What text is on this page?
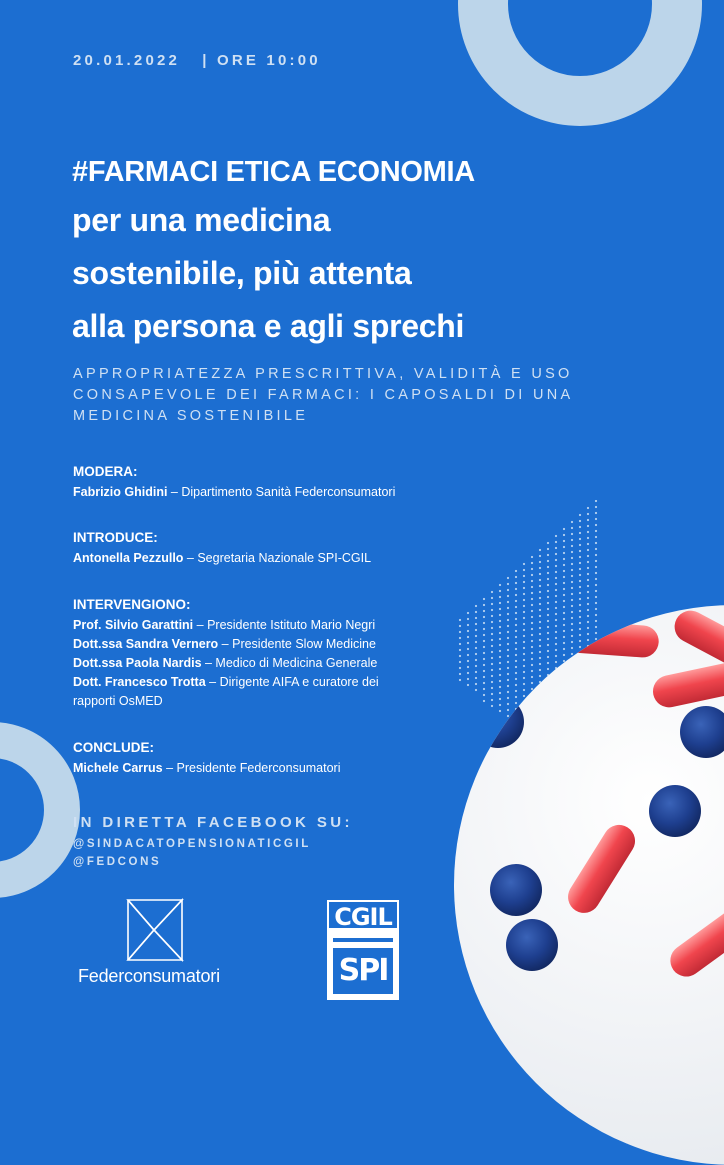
20.01.2022 | ORE 10:00
#FARMACI ETICA ECONOMIA
per una medicina
sostenibile, più attenta
alla persona e agli sprechi
APPROPRIATEZZA PRESCRITTIVA, VALIDITÀ E USO CONSAPEVOLE DEI FARMACI: I CAPOSALDI DI UNA MEDICINA SOSTENIBILE

MODERA:

Fabrizio Ghidini – Dipartimento Sanità Federconsumatori

INTRODUCE:

Antonella Pezzullo – Segretaria Nazionale SPI-CGIL

INTERVENGIONO:

Prof. Silvio Garattini – Presidente Istituto Mario Negri

Dott.ssa Sandra Vernero – Presidente Slow Medicine

Dott.ssa Paola Nardis – Medico di Medicina Generale

Dott. Francesco Trotta – Dirigente AIFA e curatore dei

rapporti OsMED

CONCLUDE:

Michele Carrus – Presidente Federconsumatori

IN DIRETTA FACEBOOK SU:
@SINDACATOPENSIONATICGIL
@FEDCONS
Federconsumatori
CGIL
SPI
